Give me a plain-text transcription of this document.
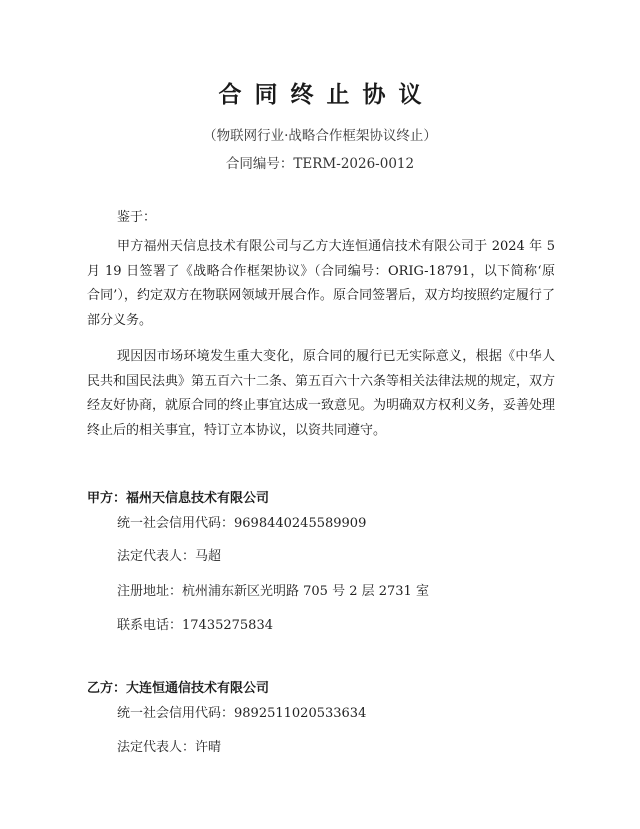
合同终止协议

（物联网行业·战略合作框架协议终止）

合同编号：TERM-2026-0012

鉴于：

甲方福州天信息技术有限公司与乙方大连恒通信技术有限公司于 2024 年 5 月 19 日签署了《战略合作框架协议》（合同编号：ORIG-18791，以下简称‘原合同’），约定双方在物联网领域开展合作。原合同签署后，双方均按照约定履行了部分义务。

现因因市场环境发生重大变化，原合同的履行已无实际意义，根据《中华人民共和国民法典》第五百六十二条、第五百六十六条等相关法律法规的规定，双方经友好协商，就原合同的终止事宜达成一致意见。为明确双方权利义务，妥善处理终止后的相关事宜，特订立本协议，以资共同遵守。

甲方：福州天信息技术有限公司

统一社会信用代码：9698440245589909

法定代表人：马超

注册地址：杭州浦东新区光明路 705 号 2 层 2731 室

联系电话：17435275834

乙方：大连恒通信技术有限公司

统一社会信用代码：9892511020533634

法定代表人：许晴
